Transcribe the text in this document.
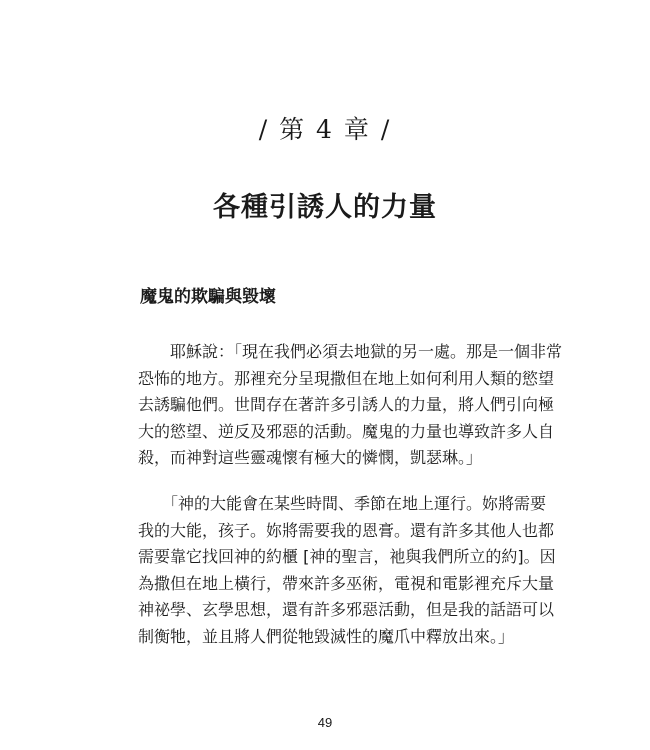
/ 第 4 章 /
各種引誘人的力量
魔鬼的欺騙與毀壞
　　耶穌說：「現在我們必須去地獄的另一處。那是一個非常
恐怖的地方。那裡充分呈現撒但在地上如何利用人類的慾望
去誘騙他們。世間存在著許多引誘人的力量，將人們引向極
大的慾望、逆反及邪惡的活動。魔鬼的力量也導致許多人自
殺，而神對這些靈魂懷有極大的憐憫，凱瑟琳。」
　　「神的大能會在某些時間、季節在地上運行。妳將需要
我的大能，孩子。妳將需要我的恩膏。還有許多其他人也都
需要靠它找回神的約櫃 [神的聖言，祂與我們所立的約]。因
為撒但在地上橫行，帶來許多巫術，電視和電影裡充斥大量
神祕學、玄學思想，還有許多邪惡活動，但是我的話語可以
制衡牠，並且將人們從牠毀滅性的魔爪中釋放出來。」
49
